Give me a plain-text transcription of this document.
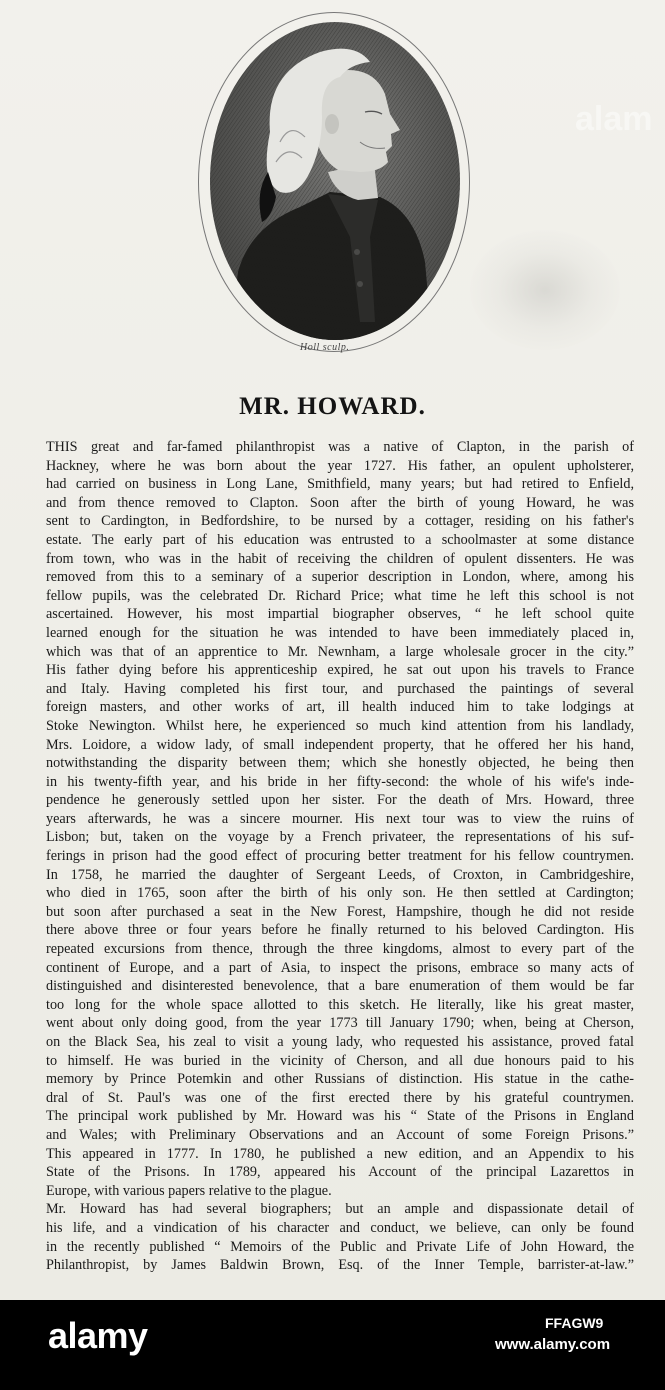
Holl sculp.
MR. HOWARD.
THIS great and far-famed philanthropist was a native of Clapton, in the parish of
Hackney, where he was born about the year 1727. His father, an opulent upholsterer,
had carried on business in Long Lane, Smithfield, many years; but had retired to Enfield,
and from thence removed to Clapton. Soon after the birth of young Howard, he was
sent to Cardington, in Bedfordshire, to be nursed by a cottager, residing on his father's
estate. The early part of his education was entrusted to a schoolmaster at some distance
from town, who was in the habit of receiving the children of opulent dissenters. He was
removed from this to a seminary of a superior description in London, where, among his
fellow pupils, was the celebrated Dr. Richard Price; what time he left this school is not
ascertained. However, his most impartial biographer observes, “ he left school quite
learned enough for the situation he was intended to have been immediately placed in,
which was that of an apprentice to Mr. Newnham, a large wholesale grocer in the city.”
His father dying before his apprenticeship expired, he sat out upon his travels to France
and Italy. Having completed his first tour, and purchased the paintings of several
foreign masters, and other works of art, ill health induced him to take lodgings at
Stoke Newington. Whilst here, he experienced so much kind attention from his landlady,
Mrs. Loidore, a widow lady, of small independent property, that he offered her his hand,
notwithstanding the disparity between them; which she honestly objected, he being then
in his twenty-fifth year, and his bride in her fifty-second: the whole of his wife's inde-
pendence he generously settled upon her sister. For the death of Mrs. Howard, three
years afterwards, he was a sincere mourner. His next tour was to view the ruins of
Lisbon; but, taken on the voyage by a French privateer, the representations of his suf-
ferings in prison had the good effect of procuring better treatment for his fellow countrymen.
In 1758, he married the daughter of Sergeant Leeds, of Croxton, in Cambridgeshire,
who died in 1765, soon after the birth of his only son. He then settled at Cardington;
but soon after purchased a seat in the New Forest, Hampshire, though he did not reside
there above three or four years before he finally returned to his beloved Cardington. His
repeated excursions from thence, through the three kingdoms, almost to every part of the
continent of Europe, and a part of Asia, to inspect the prisons, embrace so many acts of
distinguished and disinterested benevolence, that a bare enumeration of them would be far
too long for the whole space allotted to this sketch. He literally, like his great master,
went about only doing good, from the year 1773 till January 1790; when, being at Cherson,
on the Black Sea, his zeal to visit a young lady, who requested his assistance, proved fatal
to himself. He was buried in the vicinity of Cherson, and all due honours paid to his
memory by Prince Potemkin and other Russians of distinction. His statue in the cathe-
dral of St. Paul's was one of the first erected there by his grateful countrymen.
The principal work published by Mr. Howard was his “ State of the Prisons in England
and Wales; with Preliminary Observations and an Account of some Foreign Prisons.”
This appeared in 1777. In 1780, he published a new edition, and an Appendix to his
State of the Prisons. In 1789, appeared his Account of the principal Lazarettos in
Europe, with various papers relative to the plague.
Mr. Howard has had several biographers; but an ample and dispassionate detail of
his life, and a vindication of his character and conduct, we believe, can only be found
in the recently published “ Memoirs of the Public and Private Life of John Howard, the
Philanthropist, by James Baldwin Brown, Esq. of the Inner Temple, barrister-at-law.”
alam
alamy	FFAGW9
www.alamy.com
